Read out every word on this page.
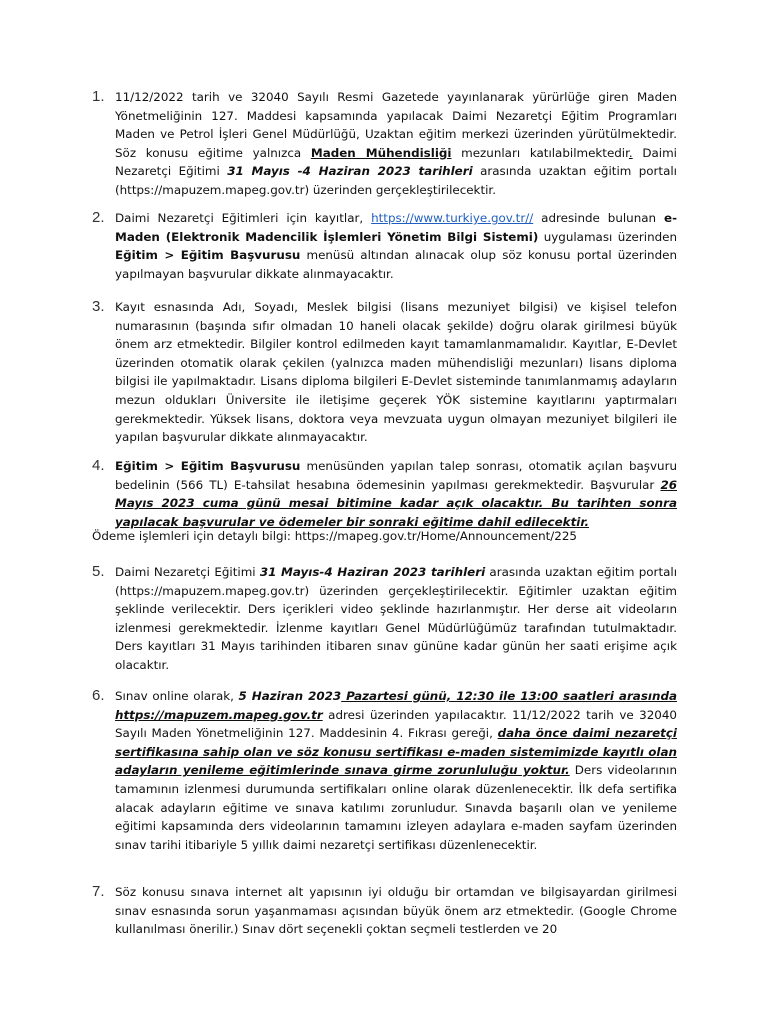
1. 11/12/2022 tarih ve 32040 Sayılı Resmi Gazetede yayınlanarak yürürlüğe giren Maden Yönetmeliğinin 127. Maddesi kapsamında yapılacak Daimi Nezaretçi Eğitim Programları Maden ve Petrol İşleri Genel Müdürlüğü, Uzaktan eğitim merkezi üzerinden yürütülmektedir. Söz konusu eğitime yalnızca Maden Mühendisliği mezunları katılabilmektedir. Daimi Nezaretçi Eğitimi 31 Mayıs -4 Haziran 2023 tarihleri arasında uzaktan eğitim portalı (https://mapuzem.mapeg.gov.tr) üzerinden gerçekleştirilecektir.
2. Daimi Nezaretçi Eğitimleri için kayıtlar, https://www.turkiye.gov.tr// adresinde bulunan e-Maden (Elektronik Madencilik İşlemleri Yönetim Bilgi Sistemi) uygulaması üzerinden Eğitim > Eğitim Başvurusu menüsü altından alınacak olup söz konusu portal üzerinden yapılmayan başvurular dikkate alınmayacaktır.
3. Kayıt esnasında Adı, Soyadı, Meslek bilgisi (lisans mezuniyet bilgisi) ve kişisel telefon numarasının (başında sıfır olmadan 10 haneli olacak şekilde) doğru olarak girilmesi büyük önem arz etmektedir. Bilgiler kontrol edilmeden kayıt tamamlanmamalıdır. Kayıtlar, E-Devlet üzerinden otomatik olarak çekilen (yalnızca maden mühendisliği mezunları) lisans diploma bilgisi ile yapılmaktadır. Lisans diploma bilgileri E-Devlet sisteminde tanımlanmamış adayların mezun oldukları Üniversite ile iletişime geçerek YÖK sistemine kayıtlarını yaptırmaları gerekmektedir. Yüksek lisans, doktora veya mevzuata uygun olmayan mezuniyet bilgileri ile yapılan başvurular dikkate alınmayacaktır.
4. Eğitim > Eğitim Başvurusu menüsünden yapılan talep sonrası, otomatik açılan başvuru bedelinin (566 TL) E-tahsilat hesabına ödemesinin yapılması gerekmektedir. Başvurular 26 Mayıs 2023 cuma günü mesai bitimine kadar açık olacaktır. Bu tarihten sonra yapılacak başvurular ve ödemeler bir sonraki eğitime dahil edilecektir.
Ödeme işlemleri için detaylı bilgi: https://mapeg.gov.tr/Home/Announcement/225
5. Daimi Nezaretçi Eğitimi 31 Mayıs-4 Haziran 2023 tarihleri arasında uzaktan eğitim portalı (https://mapuzem.mapeg.gov.tr) üzerinden gerçekleştirilecektir. Eğitimler uzaktan eğitim şeklinde verilecektir. Ders içerikleri video şeklinde hazırlanmıştır. Her derse ait videoların izlenmesi gerekmektedir. İzlenme kayıtları Genel Müdürlüğümüz tarafından tutulmaktadır. Ders kayıtları 31 Mayıs tarihinden itibaren sınav gününe kadar günün her saati erişime açık olacaktır.
6. Sınav online olarak, 5 Haziran 2023 Pazartesi günü, 12:30 ile 13:00 saatleri arasında https://mapuzem.mapeg.gov.tr adresi üzerinden yapılacaktır. 11/12/2022 tarih ve 32040 Sayılı Maden Yönetmeliğinin 127. Maddesinin 4. Fıkrası gereği, daha önce daimi nezaretçi sertifikasına sahip olan ve söz konusu sertifikası e-maden sistemimizde kayıtlı olan adayların yenileme eğitimlerinde sınava girme zorunluluğu yoktur. Ders videolarının tamamının izlenmesi durumunda sertifikaları online olarak düzenlenecektir. İlk defa sertifika alacak adayların eğitime ve sınava katılımı zorunludur. Sınavda başarılı olan ve yenileme eğitimi kapsamında ders videolarının tamamını izleyen adaylara e-maden sayfam üzerinden sınav tarihi itibariyle 5 yıllık daimi nezaretçi sertifikası düzenlenecektir.
7. Söz konusu sınava internet alt yapısının iyi olduğu bir ortamdan ve bilgisayardan girilmesi sınav esnasında sorun yaşanmaması açısından büyük önem arz etmektedir. (Google Chrome kullanılması önerilir.) Sınav dört seçenekli çoktan seçmeli testlerden ve 20
